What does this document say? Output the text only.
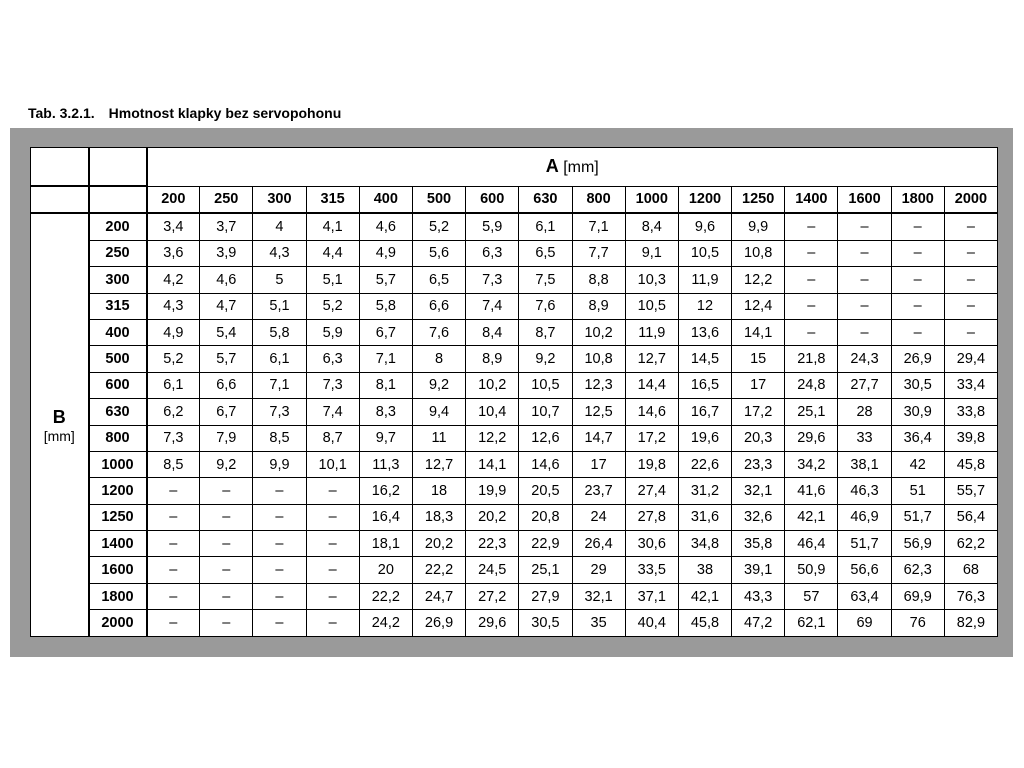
Tab. 3.2.1. Hmotnost klapky bez servopohonu
		A [mm]															
		200	250	300	315	400	500	600	630	800	1000	1200	1250	1400	1600	1800	2000

B
[mm]	200	3,4	3,7	4	4,1	4,6	5,2	5,9	6,1	7,1	8,4	9,6	9,9	–	–	–	–
	250	3,6	3,9	4,3	4,4	4,9	5,6	6,3	6,5	7,7	9,1	10,5	10,8	–	–	–	–
	300	4,2	4,6	5	5,1	5,7	6,5	7,3	7,5	8,8	10,3	11,9	12,2	–	–	–	–
	315	4,3	4,7	5,1	5,2	5,8	6,6	7,4	7,6	8,9	10,5	12	12,4	–	–	–	–
	400	4,9	5,4	5,8	5,9	6,7	7,6	8,4	8,7	10,2	11,9	13,6	14,1	–	–	–	–
	500	5,2	5,7	6,1	6,3	7,1	8	8,9	9,2	10,8	12,7	14,5	15	21,8	24,3	26,9	29,4
	600	6,1	6,6	7,1	7,3	8,1	9,2	10,2	10,5	12,3	14,4	16,5	17	24,8	27,7	30,5	33,4
	630	6,2	6,7	7,3	7,4	8,3	9,4	10,4	10,7	12,5	14,6	16,7	17,2	25,1	28	30,9	33,8
	800	7,3	7,9	8,5	8,7	9,7	11	12,2	12,6	14,7	17,2	19,6	20,3	29,6	33	36,4	39,8
	1000	8,5	9,2	9,9	10,1	11,3	12,7	14,1	14,6	17	19,8	22,6	23,3	34,2	38,1	42	45,8
	1200	–	–	–	–	16,2	18	19,9	20,5	23,7	27,4	31,2	32,1	41,6	46,3	51	55,7
	1250	–	–	–	–	16,4	18,3	20,2	20,8	24	27,8	31,6	32,6	42,1	46,9	51,7	56,4
	1400	–	–	–	–	18,1	20,2	22,3	22,9	26,4	30,6	34,8	35,8	46,4	51,7	56,9	62,2
	1600	–	–	–	–	20	22,2	24,5	25,1	29	33,5	38	39,1	50,9	56,6	62,3	68
	1800	–	–	–	–	22,2	24,7	27,2	27,9	32,1	37,1	42,1	43,3	57	63,4	69,9	76,3
	2000	–	–	–	–	24,2	26,9	29,6	30,5	35	40,4	45,8	47,2	62,1	69	76	82,9
